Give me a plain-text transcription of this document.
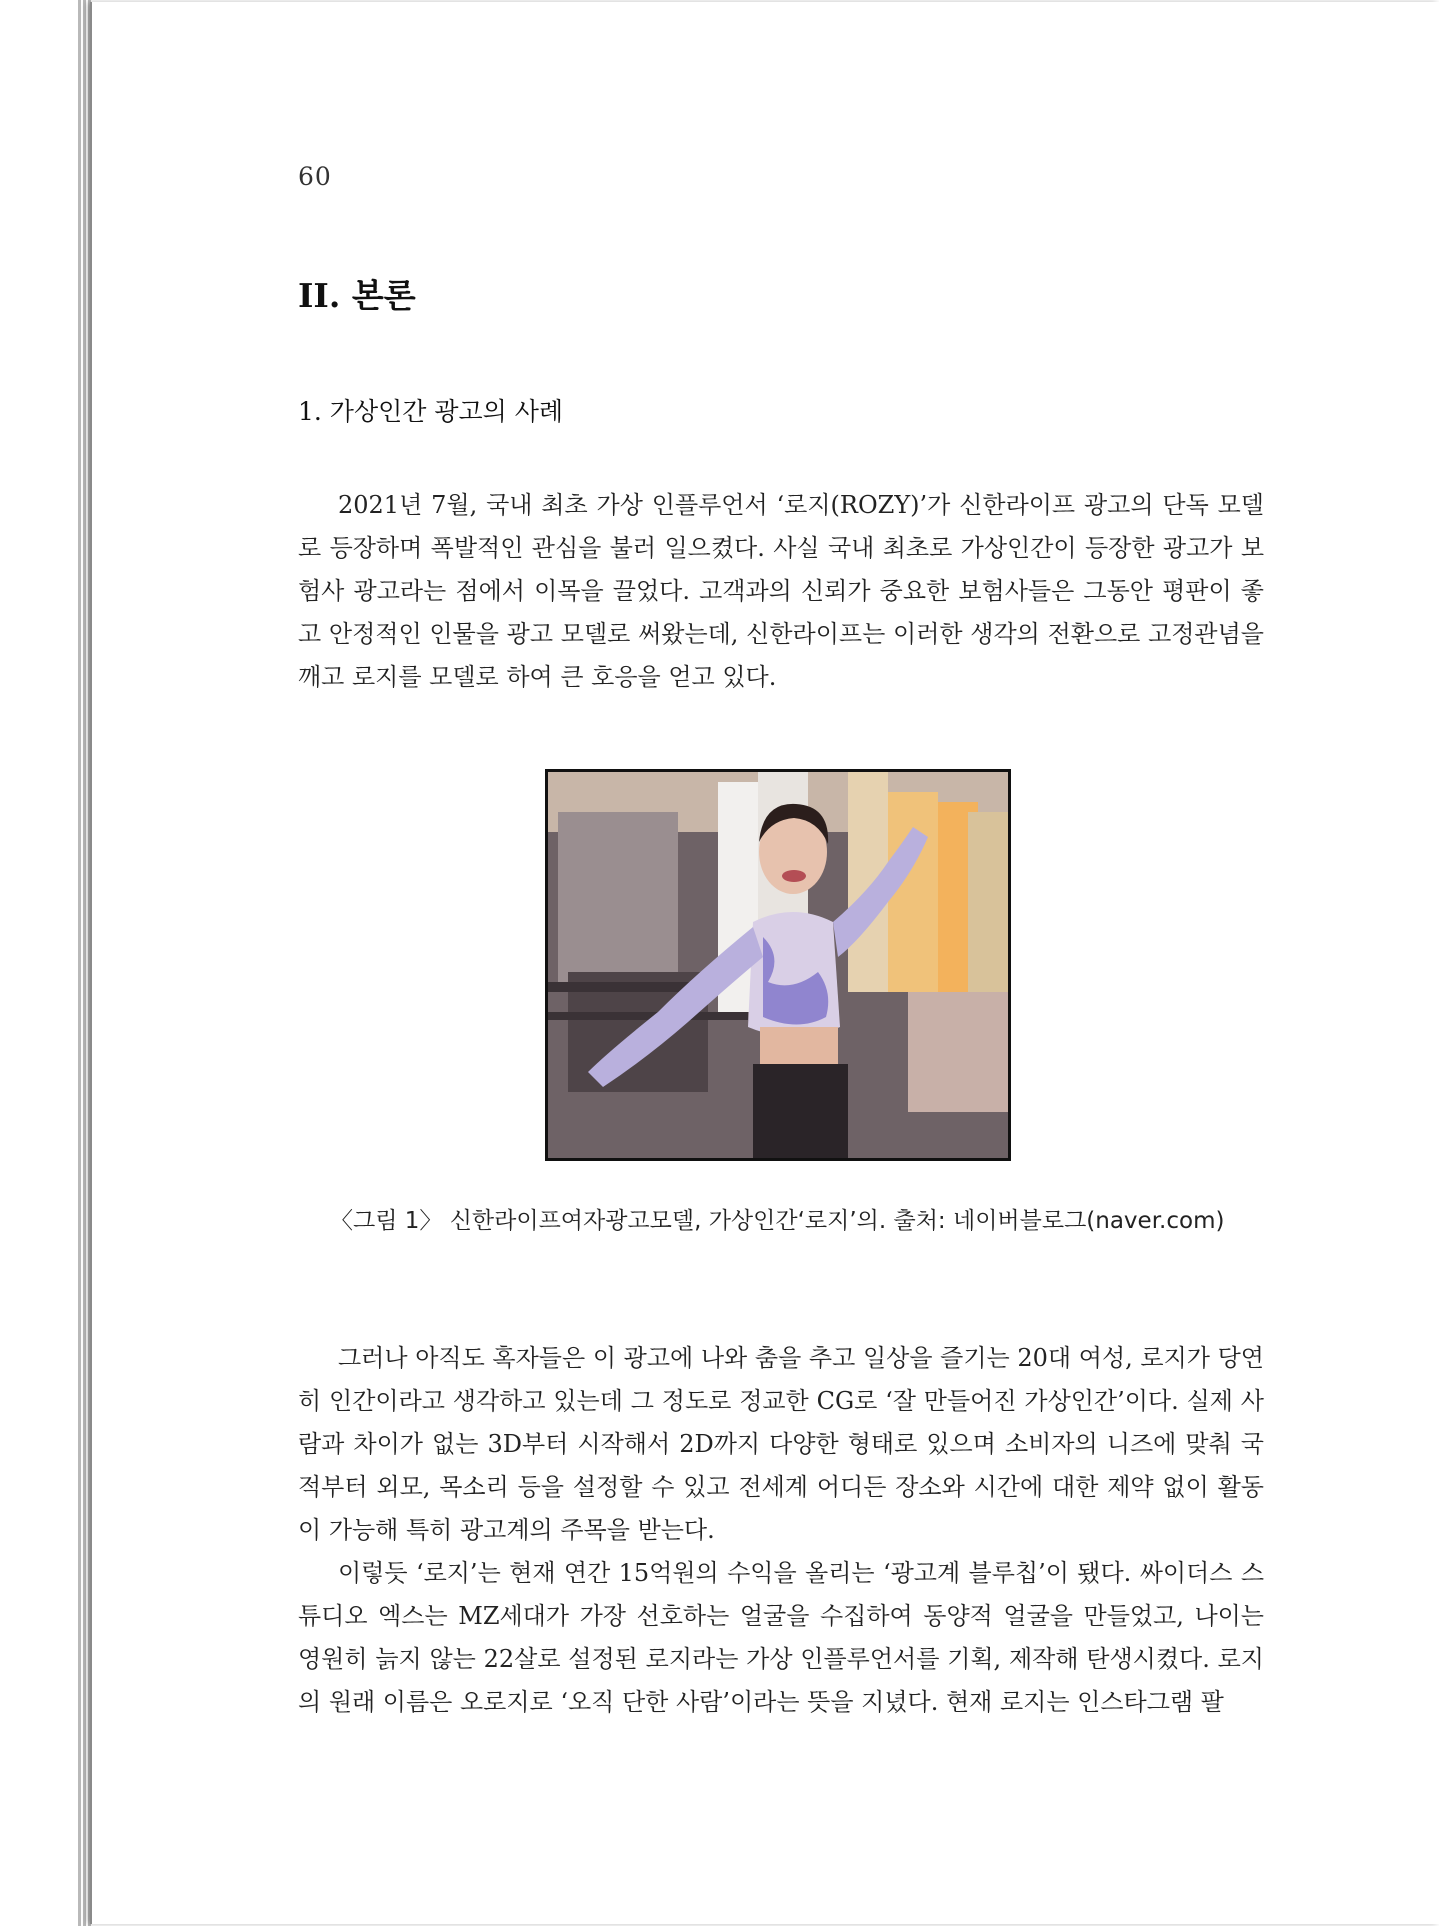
60
II. 본론
1. 가상인간 광고의 사례

2021년 7월, 국내 최초 가상 인플루언서 ‘로지(ROZY)’가 신한라이프 광고의 단독 모델로 등장하며 폭발적인 관심을 불러 일으켰다. 사실 국내 최초로 가상인간이 등장한 광고가 보험사 광고라는 점에서 이목을 끌었다. 고객과의 신뢰가 중요한 보험사들은 그동안 평판이 좋고 안정적인 인물을 광고 모델로 써왔는데, 신한라이프는 이러한 생각의 전환으로 고정관념을 깨고 로지를 모델로 하여 큰 호응을 얻고 있다.

〈그림 1〉 신한라이프여자광고모델, 가상인간‘로지’의. 출처: 네이버블로그(naver.com)

그러나 아직도 혹자들은 이 광고에 나와 춤을 추고 일상을 즐기는 20대 여성, 로지가 당연히 인간이라고 생각하고 있는데 그 정도로 정교한 CG로 ‘잘 만들어진 가상인간’이다. 실제 사람과 차이가 없는 3D부터 시작해서 2D까지 다양한 형태로 있으며 소비자의 니즈에 맞춰 국적부터 외모, 목소리 등을 설정할 수 있고 전세계 어디든 장소와 시간에 대한 제약 없이 활동이 가능해 특히 광고계의 주목을 받는다.

이렇듯 ‘로지’는 현재 연간 15억원의 수익을 올리는 ‘광고계 블루칩’이 됐다. 싸이더스 스튜디오 엑스는 MZ세대가 가장 선호하는 얼굴을 수집하여 동양적 얼굴을 만들었고, 나이는 영원히 늙지 않는 22살로 설정된 로지라는 가상 인플루언서를 기획, 제작해 탄생시켰다. 로지의 원래 이름은 오로지로 ‘오직 단한 사람’이라는 뜻을 지녔다. 현재 로지는 인스타그램 팔
